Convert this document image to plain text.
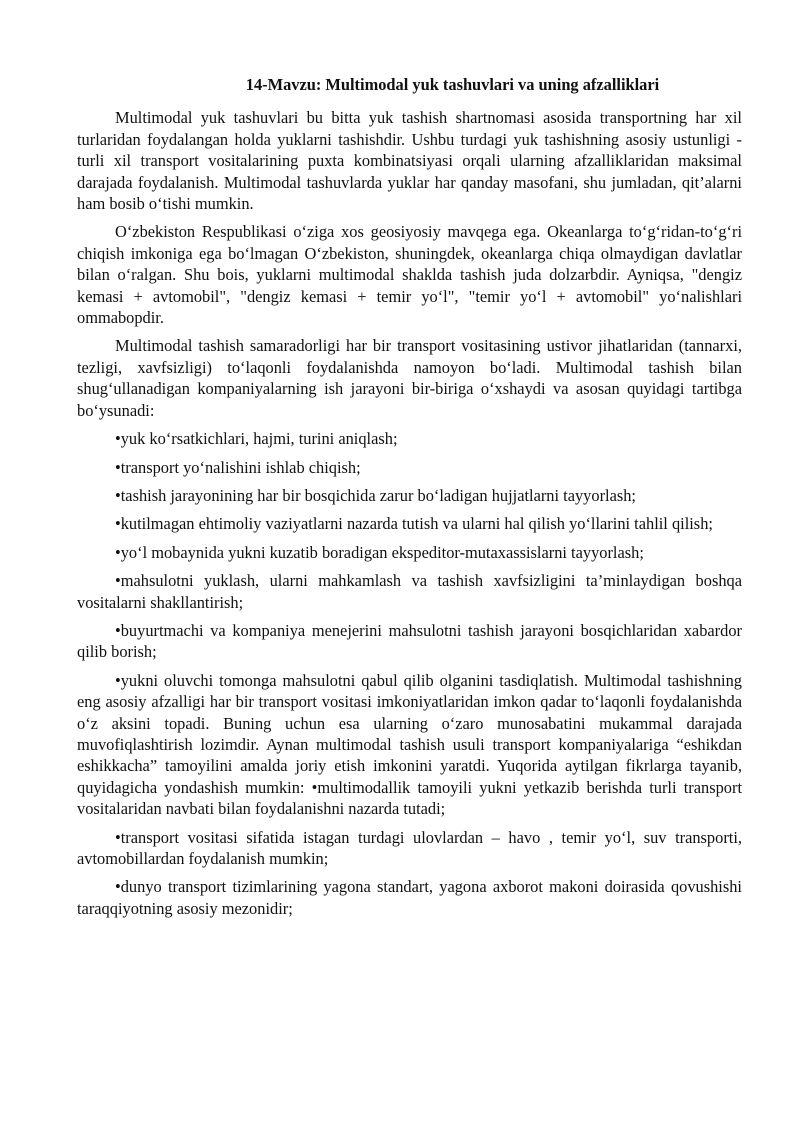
14-Mavzu: Multimodal yuk tashuvlari va uning afzalliklari

Multimodal yuk tashuvlari bu bitta yuk tashish shartnomasi asosida transportning har xil turlaridan foydalangan holda yuklarni tashishdir. Ushbu turdagi yuk tashishning asosiy ustunligi - turli xil transport vositalarining puxta kombinatsiyasi orqali ularning afzalliklaridan maksimal darajada foydalanish. Multimodal tashuvlarda yuklar har qanday masofani, shu jumladan, qit’alarni ham bosib o‘tishi mumkin.

O‘zbekiston Respublikasi o‘ziga xos geosiyosiy mavqega ega. Okeanlarga to‘g‘ridan-to‘g‘ri chiqish imkoniga ega bo‘lmagan O‘zbekiston, shuningdek, okeanlarga chiqa olmaydigan davlatlar bilan o‘ralgan. Shu bois, yuklarni multimodal shaklda tashish juda dolzarbdir. Ayniqsa, "dengiz kemasi + avtomobil", "dengiz kemasi + temir yo‘l", "temir yo‘l + avtomobil" yo‘nalishlari ommabopdir.

Multimodal tashish samaradorligi har bir transport vositasining ustivor jihatlaridan (tannarxi, tezligi, xavfsizligi) to‘laqonli foydalanishda namoyon bo‘ladi. Multimodal tashish bilan shug‘ullanadigan kompaniyalarning ish jarayoni bir-biriga o‘xshaydi va asosan quyidagi tartibga bo‘ysunadi:

•yuk ko‘rsatkichlari, hajmi, turini aniqlash;

•transport yo‘nalishini ishlab chiqish;

•tashish jarayonining har bir bosqichida zarur bo‘ladigan hujjatlarni tayyorlash;

•kutilmagan ehtimoliy vaziyatlarni nazarda tutish va ularni hal qilish yo‘llarini tahlil qilish;

•yo‘l mobaynida yukni kuzatib boradigan ekspeditor-mutaxassislarni tayyorlash;

•mahsulotni yuklash, ularni mahkamlash va tashish xavfsizligini ta’minlaydigan boshqa vositalarni shakllantirish;

•buyurtmachi va kompaniya menejerini mahsulotni tashish jarayoni bosqichlaridan xabardor qilib borish;

•yukni oluvchi tomonga mahsulotni qabul qilib olganini tasdiqlatish. Multimodal tashishning eng asosiy afzalligi har bir transport vositasi imkoniyatlaridan imkon qadar to‘laqonli foydalanishda o‘z aksini topadi. Buning uchun esa ularning o‘zaro munosabatini mukammal darajada muvofiqlashtirish lozimdir. Aynan multimodal tashish usuli transport kompaniyalariga “eshikdan eshikkacha” tamoyilini amalda joriy etish imkonini yaratdi. Yuqorida aytilgan fikrlarga tayanib, quyidagicha yondashish mumkin: •multimodallik tamoyili yukni yetkazib berishda turli transport vositalaridan navbati bilan foydalanishni nazarda tutadi;

•transport vositasi sifatida istagan turdagi ulovlardan – havo , temir yo‘l, suv transporti, avtomobillardan foydalanish mumkin;

•dunyo transport tizimlarining yagona standart, yagona axborot makoni doirasida qovushishi taraqqiyotning asosiy mezonidir;
